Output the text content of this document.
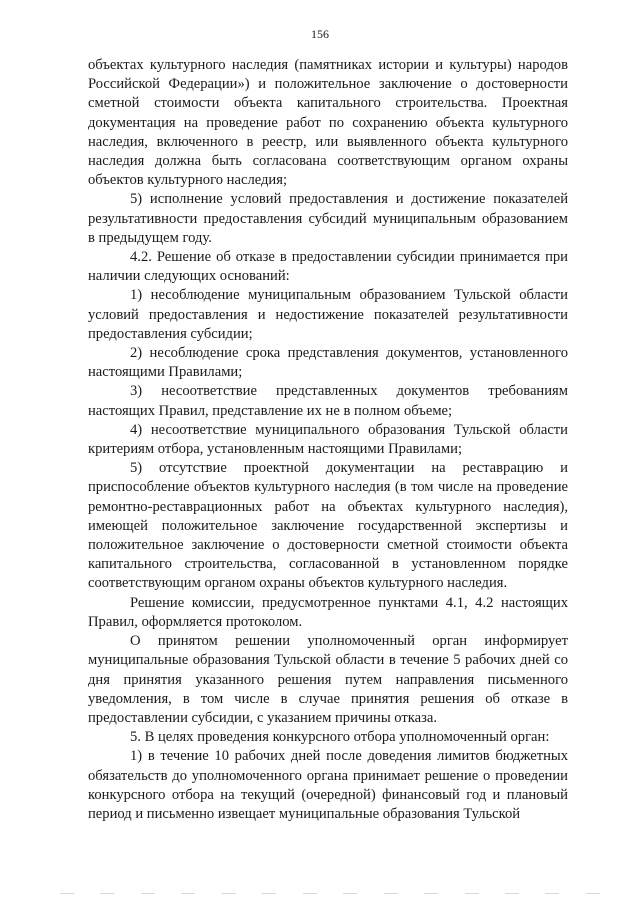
156

объектах культурного наследия (памятниках истории и культуры) народов Российской Федерации») и положительное заключение о достоверности сметной стоимости объекта капитального строительства. Проектная документация на проведение работ по сохранению объекта культурного наследия, включенного в реестр, или выявленного объекта культурного наследия должна быть согласована соответствующим органом охраны объектов культурного наследия;

5) исполнение условий предоставления и достижение показателей результативности предоставления субсидий муниципальным образованием в предыдущем году.

4.2. Решение об отказе в предоставлении субсидии принимается при наличии следующих оснований:

1) несоблюдение муниципальным образованием Тульской области условий предоставления и недостижение показателей результативности предоставления субсидии;

2) несоблюдение срока представления документов, установленного настоящими Правилами;

3) несоответствие представленных документов требованиям настоящих Правил, представление их не в полном объеме;

4) несоответствие муниципального образования Тульской области критериям отбора, установленным настоящими Правилами;

5) отсутствие проектной документации на реставрацию и приспособление объектов культурного наследия (в том числе на проведение ремонтно-реставрационных работ на объектах культурного наследия), имеющей положительное заключение государственной экспертизы и положительное заключение о достоверности сметной стоимости объекта капитального строительства, согласованной в установленном порядке соответствующим органом охраны объектов культурного наследия.

Решение комиссии, предусмотренное пунктами 4.1, 4.2 настоящих Правил, оформляется протоколом.

О принятом решении уполномоченный орган информирует муниципальные образования Тульской области в течение 5 рабочих дней со дня принятия указанного решения путем направления письменного уведомления, в том числе в случае принятия решения об отказе в предоставлении субсидии, с указанием причины отказа.

5. В целях проведения конкурсного отбора уполномоченный орган:

1) в течение 10 рабочих дней после доведения лимитов бюджетных обязательств до уполномоченного органа принимает решение о проведении конкурсного отбора на текущий (очередной) финансовый год и плановый период и письменно извещает муниципальные образования Тульской
